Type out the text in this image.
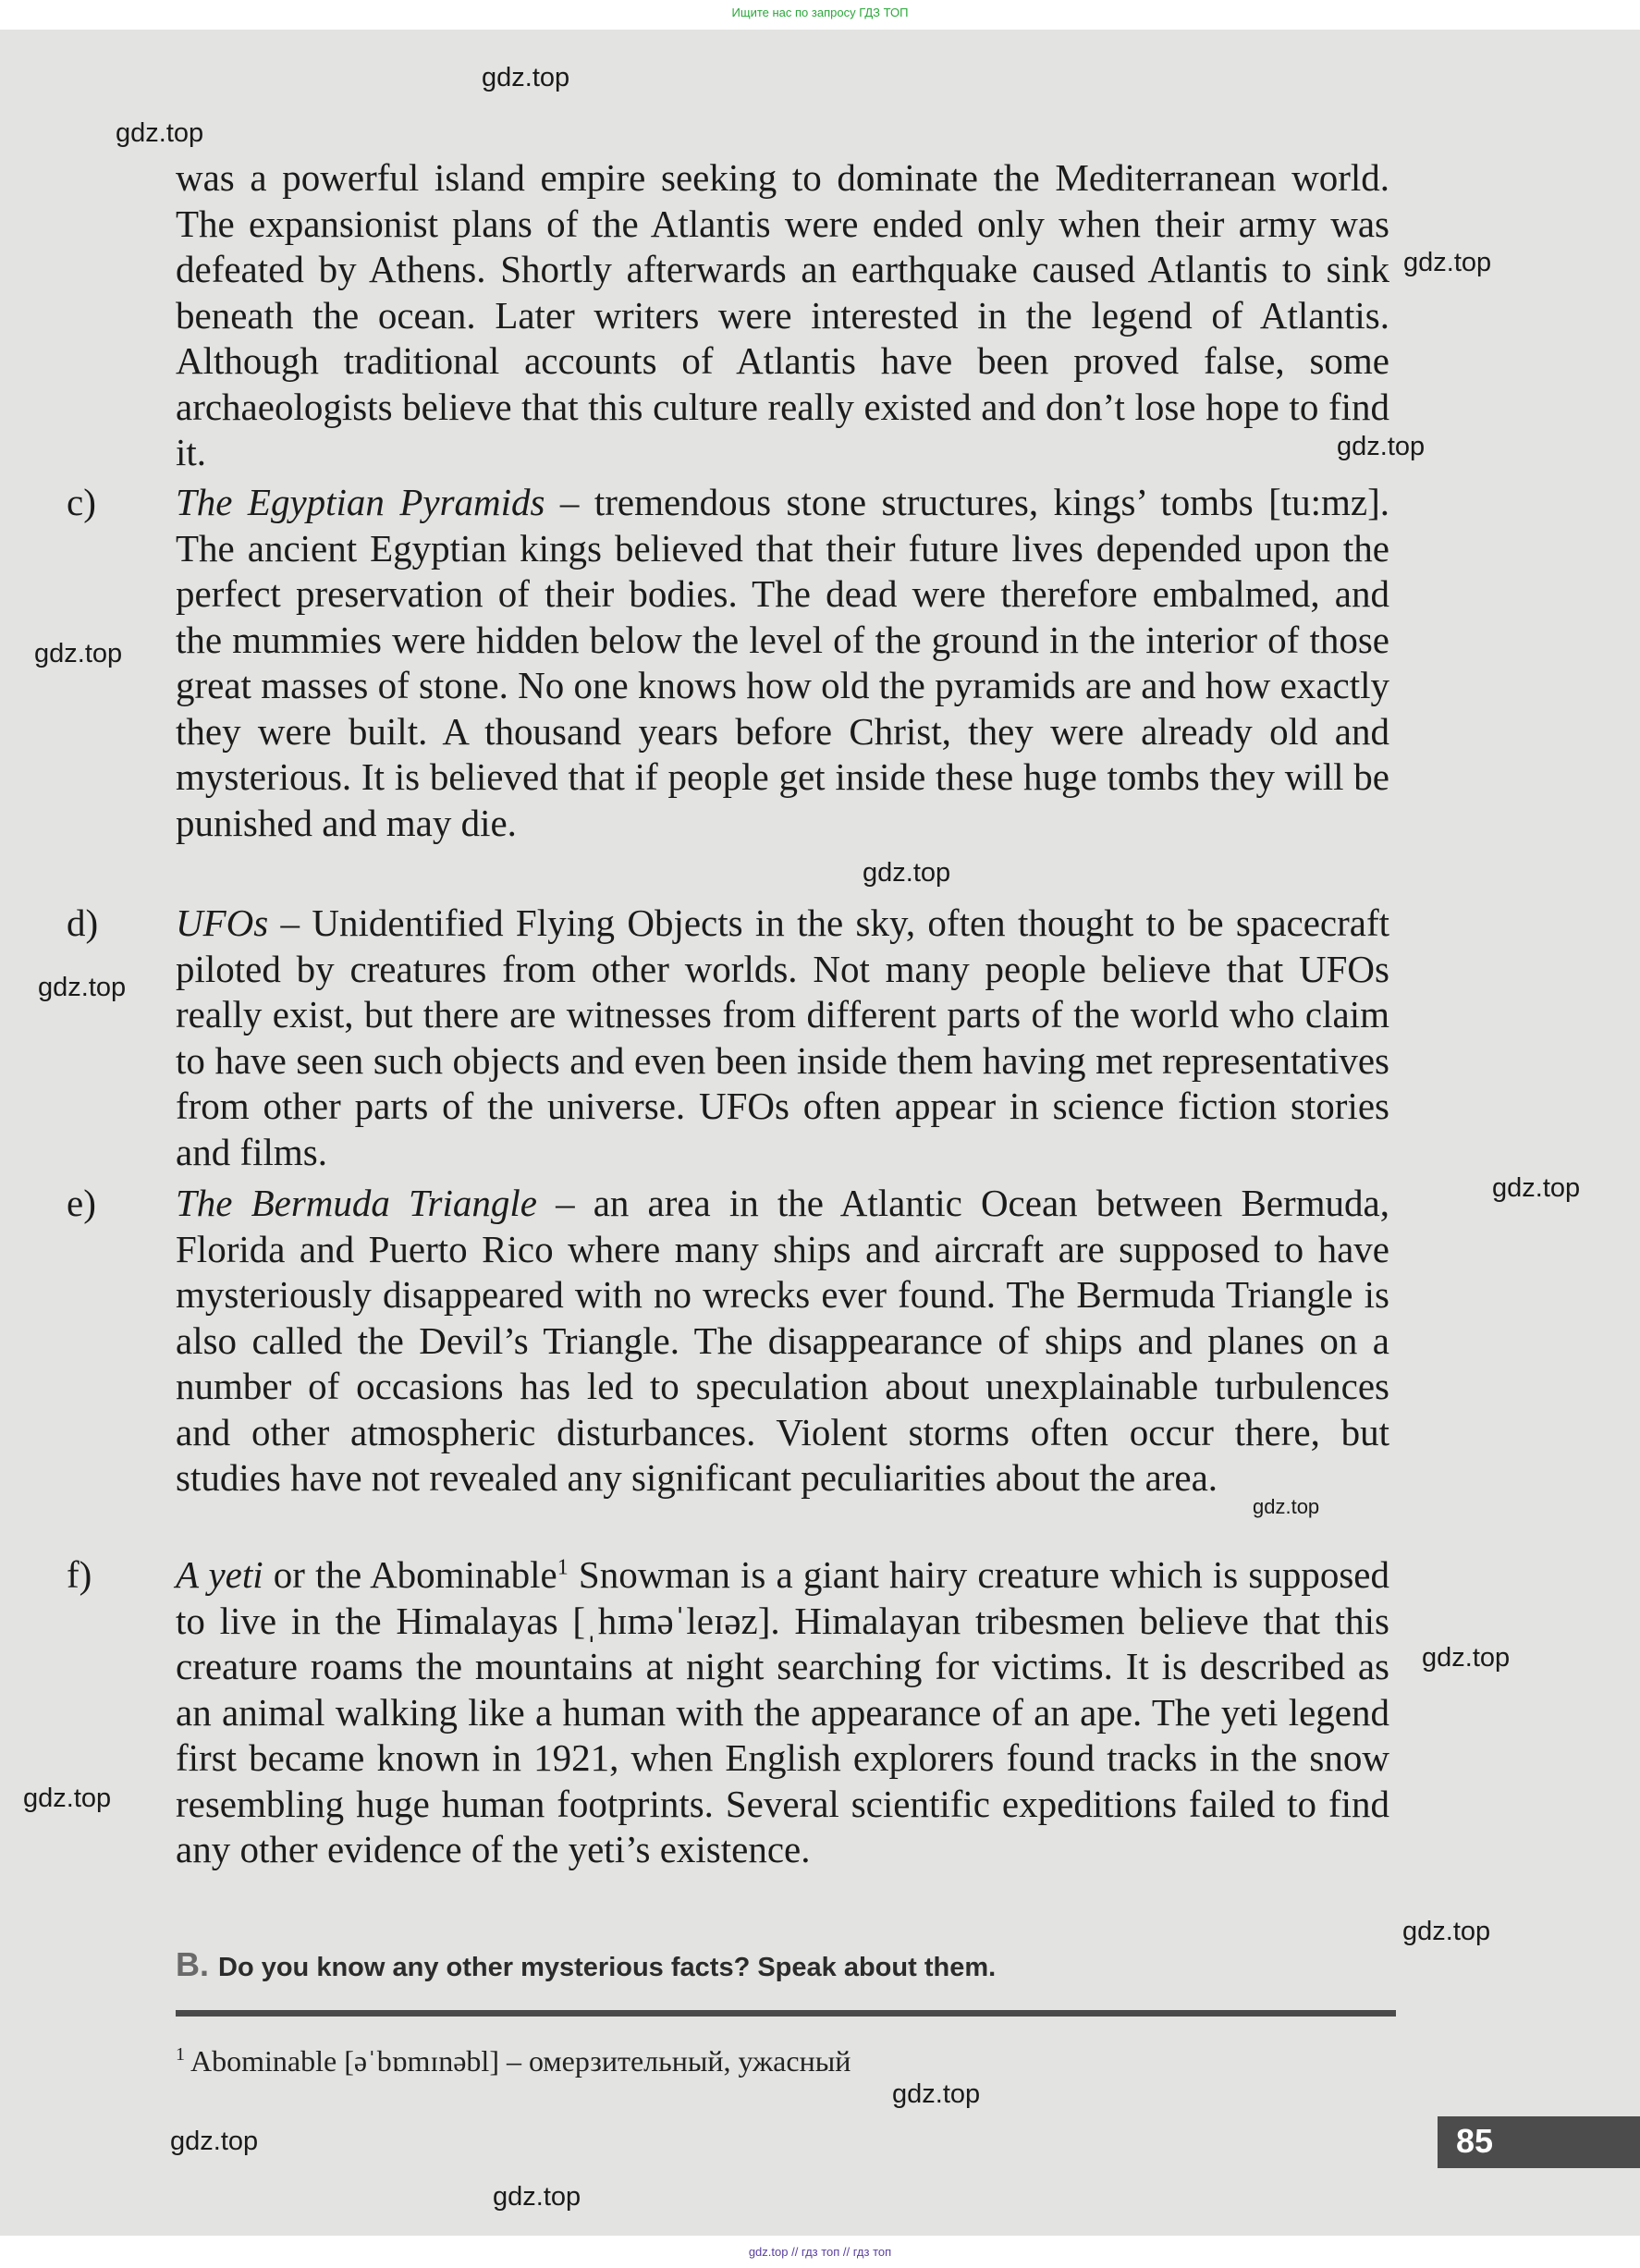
Ищите нас по запросу ГДЗ ТОП

was a powerful island empire seeking to dominate the Mediterranean world. The expansionist plans of the Atlantis were ended only when their army was defeated by Athens. Shortly afterwards an earthquake caused Atlantis to sink beneath the ocean. Later writers were interested in the legend of Atlantis. Although traditional accounts of Atlantis have been proved false, some archaeologists believe that this culture really existed and don’t lose hope to find it.

c) The Egyptian Pyramids – tremendous stone structures, kings’ tombs [tu:mz]. The ancient Egyptian kings believed that their future lives depended upon the perfect preservation of their bodies. The dead were therefore embalmed, and the mummies were hidden below the level of the ground in the interior of those great masses of stone. No one knows how old the pyramids are and how exactly they were built. A thousand years before Christ, they were already old and mysterious. It is believed that if people get inside these huge tombs they will be punished and may die.

d) UFOs – Unidentified Flying Objects in the sky, often thought to be spacecraft piloted by creatures from other worlds. Not many people believe that UFOs really exist, but there are witnesses from different parts of the world who claim to have seen such objects and even been inside them having met representatives from other parts of the universe. UFOs often appear in science fiction stories and films.

e) The Bermuda Triangle – an area in the Atlantic Ocean between Bermuda, Florida and Puerto Rico where many ships and aircraft are supposed to have mysteriously disappeared with no wrecks ever found. The Bermuda Triangle is also called the Devil’s Triangle. The disappearance of ships and planes on a number of occasions has led to speculation about unexplainable turbulences and other atmospheric disturbances. Violent storms often occur there, but studies have not revealed any significant peculiarities about the area.

f) A yeti or the Abominable$^1$ Snowman is a giant hairy creature which is supposed to live in the Himalayas [ˌhɪməˈleɪəz]. Himalayan tribesmen believe that this creature roams the mountains at night searching for victims. It is described as an animal walking like a human with the appearance of an ape. The yeti legend first became known in 1921, when English explorers found tracks in the snow resembling huge human footprints. Several scientific expeditions failed to find any other evidence of the yeti’s existence.

B. Do you know any other mysterious facts? Speak about them.
$^1$ Abominable [əˈbɒmɪnəbl] – омерзительный, ужасный
85
gdz.top
gdz.top
gdz.top
gdz.top
gdz.top
gdz.top
gdz.top
gdz.top
gdz.top
gdz.top
gdz.top
gdz.top
gdz.top
gdz.top
gdz.top
gdz.top // гдз топ // гдз топ
